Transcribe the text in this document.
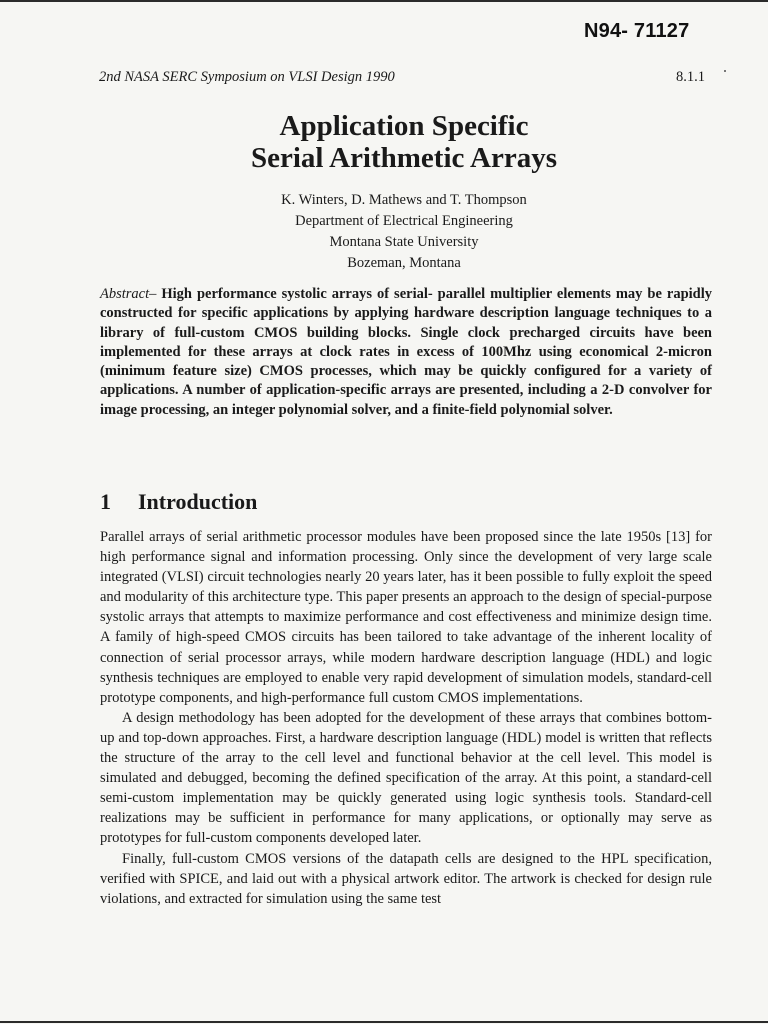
N94- 71127
2nd NASA SERC Symposium on VLSI Design 1990	8.1.1
Application Specific
Serial Arithmetic Arrays
K. Winters, D. Mathews and T. Thompson
Department of Electrical Engineering
Montana State University
Bozeman, Montana
Abstract– High performance systolic arrays of serial- parallel multiplier elements may be rapidly constructed for specific applications by applying hardware description language techniques to a library of full-custom CMOS building blocks. Single clock precharged circuits have been implemented for these arrays at clock rates in excess of 100Mhz using economical 2-micron (minimum feature size) CMOS processes, which may be quickly configured for a variety of applications. A number of application-specific arrays are presented, including a 2-D convolver for image processing, an integer polynomial solver, and a finite-field polynomial solver.
1 Introduction

Parallel arrays of serial arithmetic processor modules have been proposed since the late 1950s [13] for high performance signal and information processing. Only since the development of very large scale integrated (VLSI) circuit technologies nearly 20 years later, has it been possible to fully exploit the speed and modularity of this architecture type. This paper presents an approach to the design of special-purpose systolic arrays that attempts to maximize performance and cost effectiveness and minimize design time. A family of high-speed CMOS circuits has been tailored to take advantage of the inherent locality of connection of serial processor arrays, while modern hardware description language (HDL) and logic synthesis techniques are employed to enable very rapid development of simulation models, standard-cell prototype components, and high-performance full custom CMOS implementations.

A design methodology has been adopted for the development of these arrays that combines bottom-up and top-down approaches. First, a hardware description language (HDL) model is written that reflects the structure of the array to the cell level and functional behavior at the cell level. This model is simulated and debugged, becoming the defined specification of the array. At this point, a standard-cell semi-custom implementation may be quickly generated using logic synthesis tools. Standard-cell realizations may be sufficient in performance for many applications, or optionally may serve as prototypes for full-custom components developed later.

Finally, full-custom CMOS versions of the datapath cells are designed to the HPL specification, verified with SPICE, and laid out with a physical artwork editor. The artwork is checked for design rule violations, and extracted for simulation using the same test
